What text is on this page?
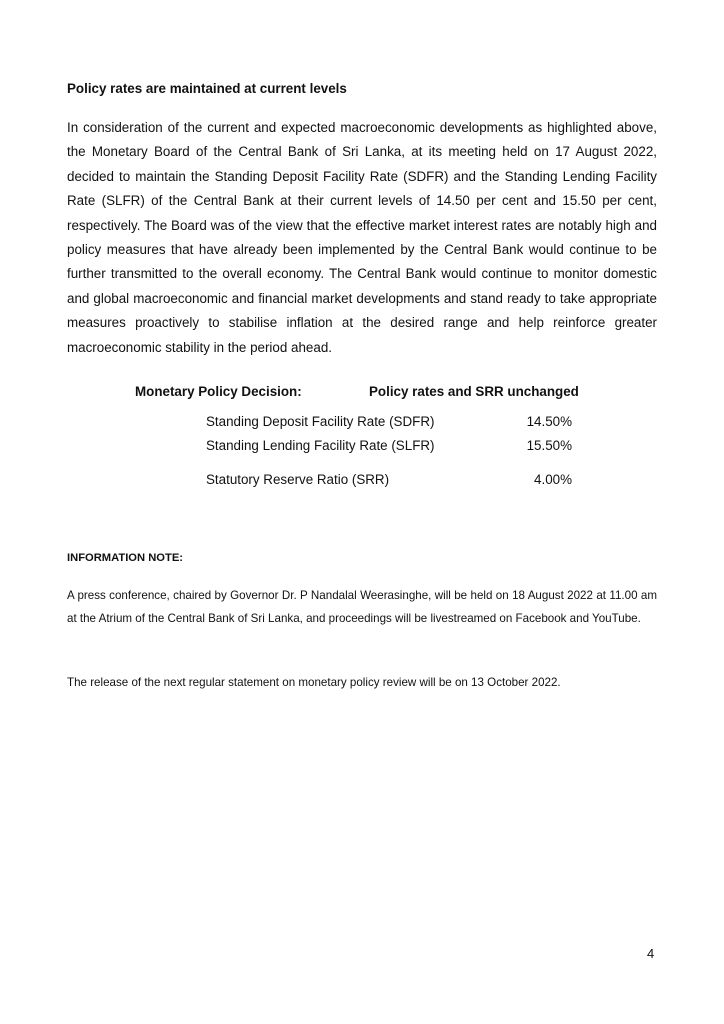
Policy rates are maintained at current levels
In consideration of the current and expected macroeconomic developments as highlighted above, the Monetary Board of the Central Bank of Sri Lanka, at its meeting held on 17 August 2022, decided to maintain the Standing Deposit Facility Rate (SDFR) and the Standing Lending Facility Rate (SLFR) of the Central Bank at their current levels of 14.50 per cent and 15.50 per cent, respectively. The Board was of the view that the effective market interest rates are notably high and policy measures that have already been implemented by the Central Bank would continue to be further transmitted to the overall economy. The Central Bank would continue to monitor domestic and global macroeconomic and financial market developments and stand ready to take appropriate measures proactively to stabilise inflation at the desired range and help reinforce greater macroeconomic stability in the period ahead.
Monetary Policy Decision:	Policy rates and SRR unchanged
Standing Deposit Facility Rate (SDFR)	14.50%
Standing Lending Facility Rate (SLFR)	15.50%
Statutory Reserve Ratio (SRR)	4.00%
INFORMATION NOTE:
A press conference, chaired by Governor Dr. P Nandalal Weerasinghe, will be held on 18 August 2022 at 11.00 am at the Atrium of the Central Bank of Sri Lanka, and proceedings will be livestreamed on Facebook and YouTube.
The release of the next regular statement on monetary policy review will be on 13 October 2022.
4
